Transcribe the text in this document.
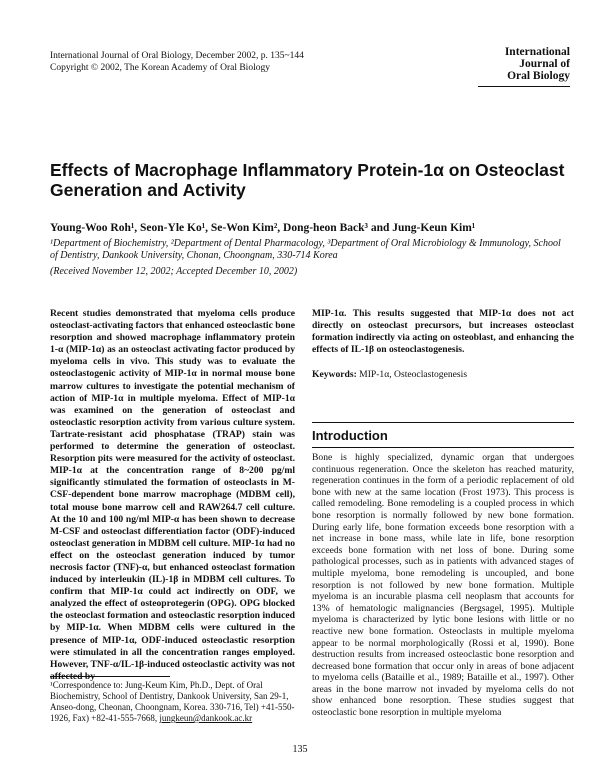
International Journal of Oral Biology, December 2002, p. 135~144
Copyright © 2002, The Korean Academy of Oral Biology
International
Journal of
Oral Biology
Effects of Macrophage Inflammatory Protein-1α on Osteoclast Generation and Activity
Young-Woo Roh¹, Seon-Yle Ko¹, Se-Won Kim², Dong-heon Back³ and Jung-Keun Kim¹
¹Department of Biochemistry, ²Department of Dental Pharmacology, ³Department of Oral Microbiology & Immunology, School of Dentistry, Dankook University, Chonan, Choongnam, 330-714 Korea
(Received November 12, 2002; Accepted December 10, 2002)
Recent studies demonstrated that myeloma cells produce osteoclast-activating factors that enhanced osteoclastic bone resorption and showed macrophage inflammatory protein 1-α (MIP-1α) as an osteoclast activating factor produced by myeloma cells in vivo. This study was to evaluate the osteoclastogenic activity of MIP-1α in normal mouse bone marrow cultures to investigate the potential mechanism of action of MIP-1α in multiple myeloma. Effect of MIP-1α was examined on the generation of osteoclast and osteoclastic resorption activity from various culture system. Tartrate-resistant acid phosphatase (TRAP) stain was performed to determine the generation of osteoclast. Resorption pits were measured for the activity of osteoclast. MIP-1α at the concentration range of 8~200 pg/ml significantly stimulated the formation of osteoclasts in M-CSF-dependent bone marrow macrophage (MDBM cell), total mouse bone marrow cell and RAW264.7 cell culture. At the 10 and 100 ng/ml MIP-α has been shown to decrease M-CSF and osteoclast differentiation factor (ODF)-induced osteoclast generation in MDBM cell culture. MIP-1α had no effect on the osteoclast generation induced by tumor necrosis factor (TNF)-α, but enhanced osteoclast formation induced by interleukin (IL)-1β in MDBM cell cultures. To confirm that MIP-1α could act indirectly on ODF, we analyzed the effect of osteoprotegerin (OPG). OPG blocked the osteoclast formation and osteoclastic resorption induced by MIP-1α. When MDBM cells were cultured in the presence of MIP-1α, ODF-induced osteoclastic resorption were stimulated in all the concentration ranges employed. However, TNF-α/IL-1β-induced osteoclastic activity was not affected by
MIP-1α. This results suggested that MIP-1α does not act directly on osteoclast precursors, but increases osteoclast formation indirectly via acting on osteoblast, and enhancing the effects of IL-1β on osteoclastogenesis.
Keywords: MIP-1α, Osteoclastogenesis
Introduction
Bone is highly specialized, dynamic organ that undergoes continuous regeneration. Once the skeleton has reached maturity, regeneration continues in the form of a periodic replacement of old bone with new at the same location (Frost 1973). This process is called remodeling. Bone remodeling is a coupled process in which bone resorption is normally followed by new bone formation. During early life, bone formation exceeds bone resorption with a net increase in bone mass, while late in life, bone resorption exceeds bone formation with net loss of bone. During some pathological processes, such as in patients with advanced stages of multiple myeloma, bone remodeling is uncoupled, and bone resorption is not followed by new bone formation. Multiple myeloma is an incurable plasma cell neoplasm that accounts for 13% of hematologic malignancies (Bergsagel, 1995). Multiple myeloma is characterized by lytic bone lesions with little or no reactive new bone formation. Osteoclasts in multiple myeloma appear to be normal morphologically (Rossi et al, 1990). Bone destruction results from increased osteoclastic bone resorption and decreased bone formation that occur only in areas of bone adjacent to myeloma cells (Bataille et al., 1989; Bataille et al., 1997). Other areas in the bone marrow not invaded by myeloma cells do not show enhanced bone resorption. These studies suggest that osteoclastic bone resorption in multiple myeloma
¹Correspondence to: Jung-Keum Kim, Ph.D., Dept. of Oral Biochemistry, School of Dentistry, Dankook University, San 29-1, Anseo-dong, Cheonan, Choongnam, Korea. 330-716, Tel) +41-550-1926, Fax) +82-41-555-7668, jungkeun@dankook.ac.kr
135
